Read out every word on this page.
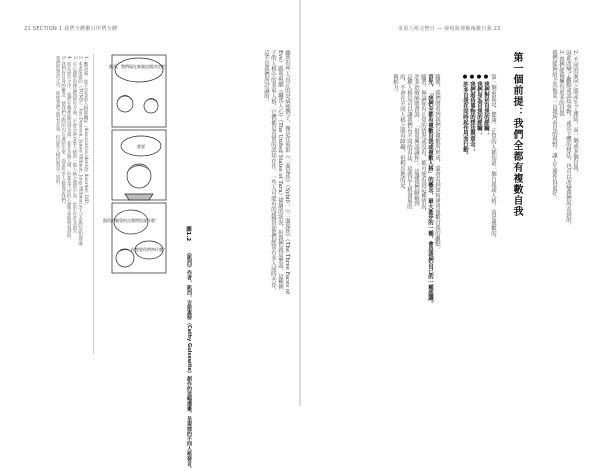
21 SECTION 1 我們全體數目所們全體	多重人格完整自 — 發現與理解複數自我 22
2. 不同的面向之間產生了連結，而一個或多個自我，
因此改變了觀點或認知事物，或其主體的想法，也可以改變我們所看到的。
3. 我們能夠擁有更多的自我
我們能夠給予其他某一自我所看見的視野，讓人生運作得更好。
第一個前提：我們全都有複數自我
第一個前提是，健康、正常的人都知道一個自我或人格，而是複數的。
● 我們對於自我的經驗；
● 我們身為自我的經驗；
● 我們看待事物的想法與意念；
● 許多自我在同時起作用而行動。
隨後，我們將看到我們是複數所形成，還會看到如何運用複數自我的觀點。
首先，「我們全都有複數自我或複數人格」的概念，最大進步的一種，會是我們自己的一種認識。
隨著，無論你有正常的情況或沒有，都可能看到這種情況，
許多治療師將會說：「很高興認識你」，這讓我們瞭解到
這種人格是可以讓我們有不同的看法，這就是人格發展的
的，不會在不同人格之間有障礙，但相反地的是，
與相力。
雖然有些人真正的是病態例子，像是在電影《三面夏娃》（Sybil）、《三面夏娃》（The Three Faces of
Eve）跟電視劇《聯邦人心》（The United States of Tara）描繪的狀況。但我們就這麼說，這種例
子的人格中的多重人格，它們都是真實的認知存在。一些人可能有的感覺是他們經常有多人同時共存，
這不是我們所討論的。
圖1.2
《凱西》作者，凱西，吉斯惠特（Cathy Guisewite）創作的這幅漫畫，呈現她的不同人格發言。
凱西，我們現在來做這個決定吧！
我要
凱西的腦袋的自我們你說什麼！
你想要你們吵什麼？
1. 應該說，並不是多重人格障礙症（dissociative identity disorder, DID）
2. 本書所說的（TOMS），Ian Doneson, James Hillman, Jung Hillman 等人文家的認知理論。
3. 在心理學的理論與研究方面，不會分辨多重人格與一般人格之間的不同，當中有許多研究
4. 而在研究之中，我們在哪裡能找到全部，並非多個人格，但都是不同的心理學家能夠看到的。
5. 我們有自身的概念，使我們之間的內在連結出來，而這些多人格都是我們。
我們的想法之中，即使我們之間有差異，但這些人格仍然是一致的。
